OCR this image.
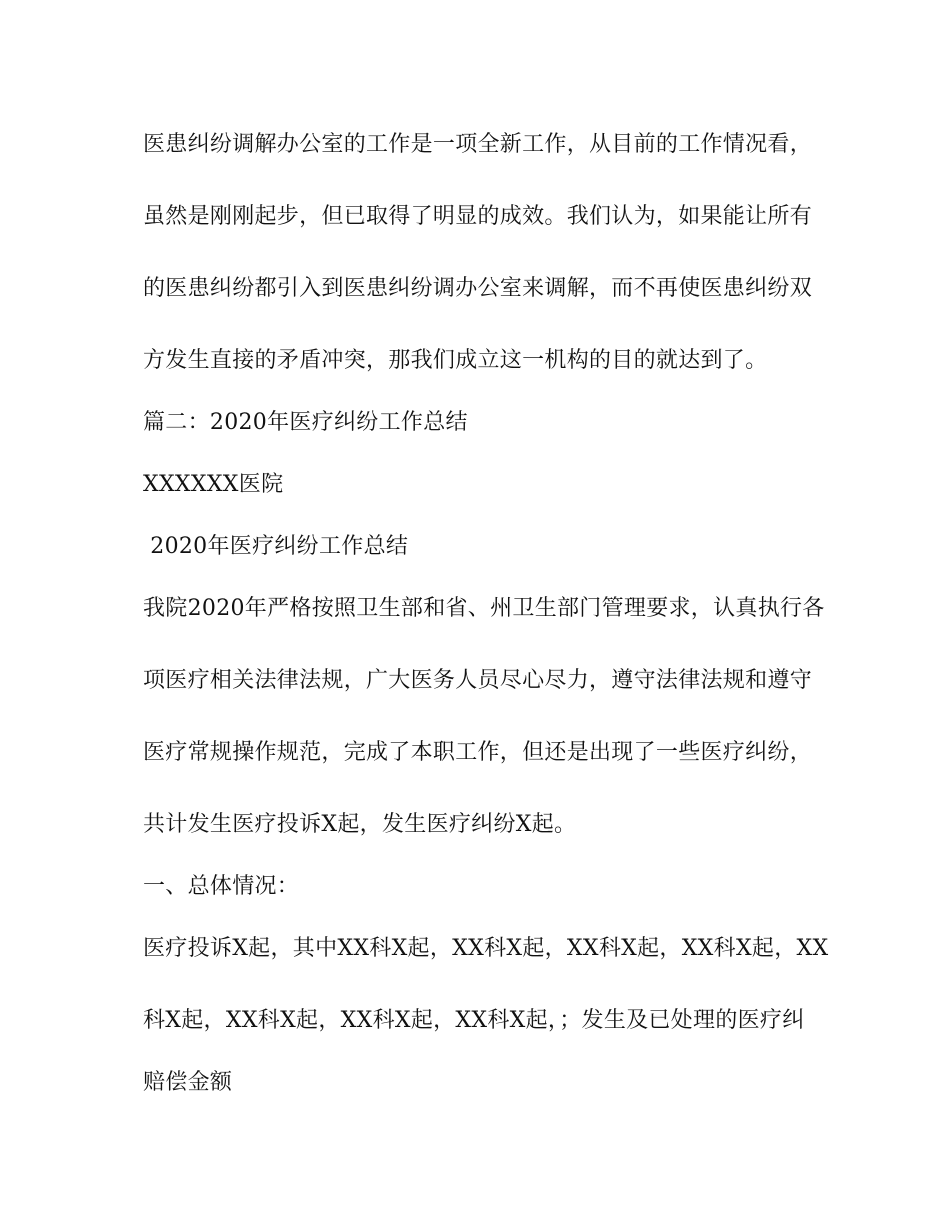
医患纠纷调解办公室的工作是一项全新工作，从目前的工作情况看，
虽然是刚刚起步，但已取得了明显的成效。我们认为，如果能让所有
的医患纠纷都引入到医患纠纷调办公室来调解，而不再使医患纠纷双
方发生直接的矛盾冲突，那我们成立这一机构的目的就达到了。
篇二：2020年医疗纠纷工作总结
XXXXXX医院
2020年医疗纠纷工作总结
我院2020年严格按照卫生部和省、州卫生部门管理要求，认真执行各
项医疗相关法律法规，广大医务人员尽心尽力，遵守法律法规和遵守
医疗常规操作规范，完成了本职工作，但还是出现了一些医疗纠纷，
共计发生医疗投诉X起，发生医疗纠纷X起。
一、总体情况：
医疗投诉X起，其中XX科X起，XX科X起，XX科X起，XX科X起，XX
科X起，XX科X起，XX科X起，XX科X起，；发生及已处理的医疗纠
赔偿金额
